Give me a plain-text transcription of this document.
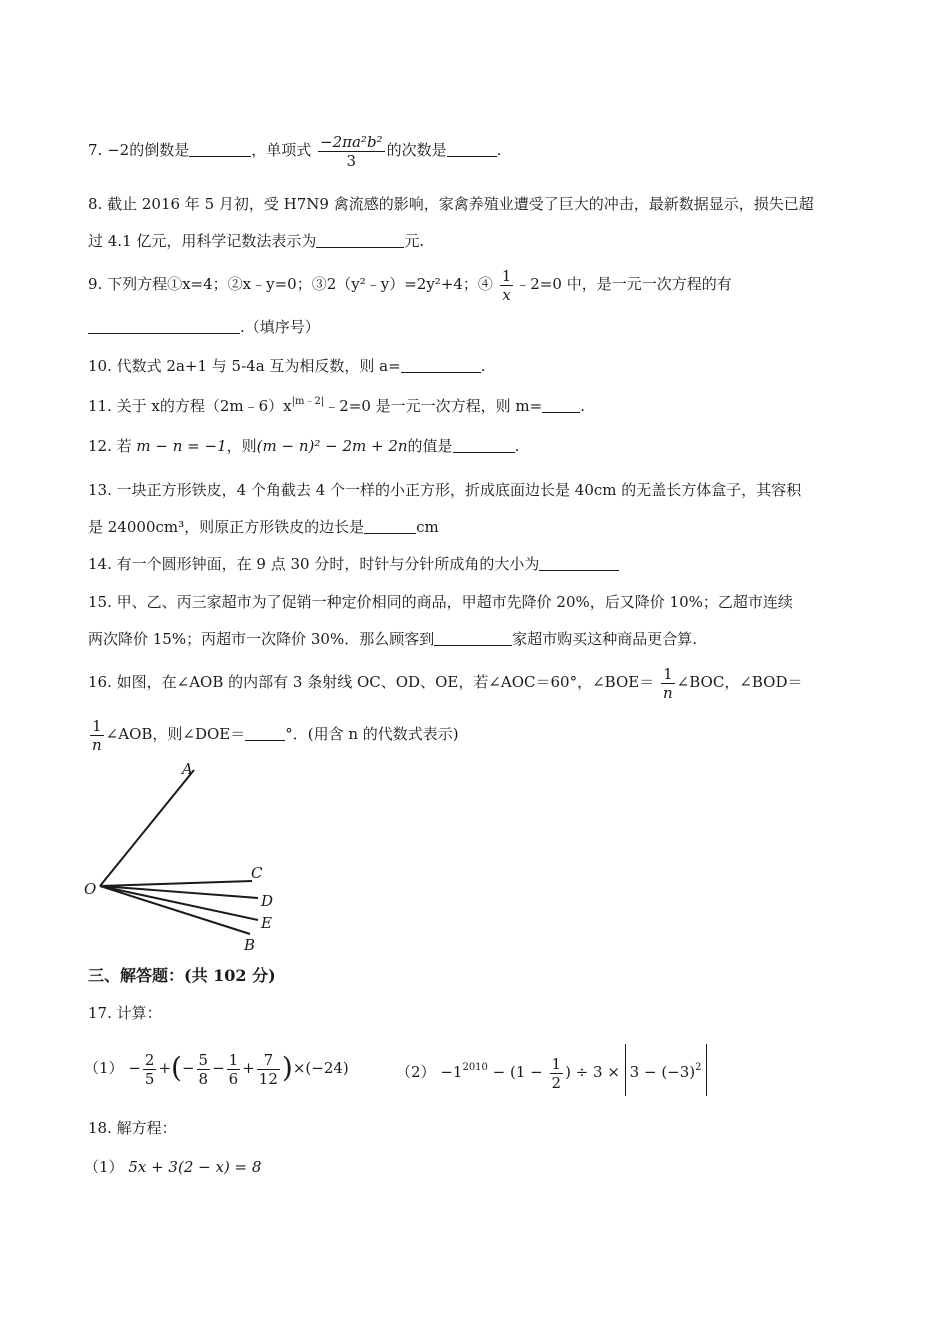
7. −2的倒数是	，单项式 $\frac{\text{−2πa²b²}}{3}$ 的次数是	.
8. 截止 2016 年 5 月初，受 H7N9 禽流感的影响，家禽养殖业遭受了巨大的冲击，最新数据显示，损失已超
过 4.1 亿元，用科学记数法表示为	元.
9. 下列方程①x=4；②x﹣y=0；③2（y²﹣y）=2y²+4；④ $\frac{1}{x}$ ﹣2=0 中，是一元一次方程的有
.（填序号）
10. 代数式 2a+1 与 5-4a 互为相反数，则 a=	.
11. 关于 x的方程$(2m﹣6)x^{|m﹣2|}﹣2=0$ 是一元一次方程，则 m=	.
12. 若 m − n = −1，则(m − n)² − 2m + 2n的值是	.
13. 一块正方形铁皮，4 个角截去 4 个一样的小正方形，折成底面边长是 40cm 的无盖长方体盒子，其容积
是 24000cm³，则原正方形铁皮的边长是	cm
14. 有一个圆形钟面，在 9 点 30 分时，时针与分针所成角的大小为
15. 甲、乙、丙三家超市为了促销一种定价相同的商品，甲超市先降价 20%，后又降价 10%；乙超市连续
两次降价 15%；丙超市一次降价 30%．那么顾客到	家超市购买这种商品更合算.
16. 如图，在∠AOB 的内部有 3 条射线 OC、OD、OE，若∠AOC＝60°，∠BOE＝ $\frac{1}{n}$ ∠BOC，∠BOD＝
$\frac{1}{n}$ ∠AOB，则∠DOE＝	°．(用含 n 的代数式表示)
A
O
C
D
E
B
三、解答题：(共 102 分)
17. 计算：
$(1) - \frac{2}{5}$ +(− $\frac{5}{8} - \frac{1}{6} + \frac{7}{12} )\times(-24)$	$(2) -1^{2010} - (1 - \frac{1}{2}$ ) ÷ $3 \times 3 - (-3)^2$
18. 解方程：
（1） 5x + 3(2 − x) = 8
